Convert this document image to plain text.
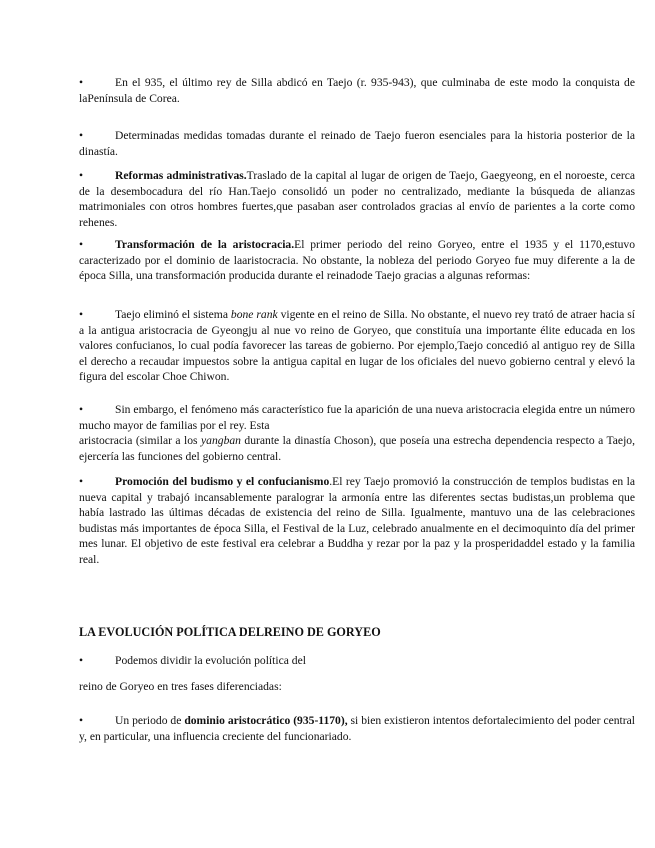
•	En el 935, el último rey de Silla abdicó en Taejo (r. 935-943), que culminaba de este modo la conquista de laPenínsula de Corea.

•	Determinadas medidas tomadas durante el reinado de Taejo fueron esenciales para la historia posterior de la dinastía.

•	Reformas administrativas.Traslado de la capital al lugar de origen de Taejo, Gaegyeong, en el noroeste, cerca de la desembocadura del río Han.Taejo consolidó un poder no centralizado, mediante la búsqueda de alianzas matrimoniales con otros hombres fuertes,que pasaban aser controlados gracias al envío de parientes a la corte como rehenes.

•	Transformación de la aristocracia.El primer periodo del reino Goryeo, entre el 1935 y el 1170,estuvo caracterizado por el dominio de laaristocracia. No obstante, la nobleza del periodo Goryeo fue muy diferente a la de época Silla, una transformación producida durante el reinadode Taejo gracias a algunas reformas:

•	Taejo eliminó el sistema bone rank vigente en el reino de Silla. No obstante, el nuevo rey trató de atraer hacia sí a la antigua aristocracia de Gyeongju al nue vo reino de Goryeo, que constituía una importante élite educada en los valores confucianos, lo cual podía favorecer las tareas de gobierno. Por ejemplo,Taejo concedió al antiguo rey de Silla el derecho a recaudar impuestos sobre la antigua capital en lugar de los oficiales del nuevo gobierno central y elevó la figura del escolar Choe Chiwon.

•	Sin embargo, el fenómeno más característico fue la aparición de una nueva aristocracia elegida entre un número mucho mayor de familias por el rey. Esta
aristocracia (similar a los yangban durante la dinastía Choson), que poseía una estrecha dependencia respecto a Taejo, ejercería las funciones del gobierno central.

•	Promoción del budismo y el confucianismo.El rey Taejo promovió la construcción de templos budistas en la nueva capital y trabajó incansablemente paralograr la armonía entre las diferentes sectas budistas,un problema que había lastrado las últimas décadas de existencia del reino de Silla. Igualmente, mantuvo una de las celebraciones budistas más importantes de época Silla, el Festival de la Luz, celebrado anualmente en el decimoquinto día del primer mes lunar. El objetivo de este festival era celebrar a Buddha y rezar por la paz y la prosperidaddel estado y la familia real.

LA EVOLUCIÓN POLÍTICA DELREINO DE GORYEO

•	Podemos dividir la evolución política del

reino de Goryeo en tres fases diferenciadas:

•	Un periodo de dominio aristocrático (935-1170), si bien existieron intentos defortalecimiento del poder central y, en particular, una influencia creciente del funcionariado.
